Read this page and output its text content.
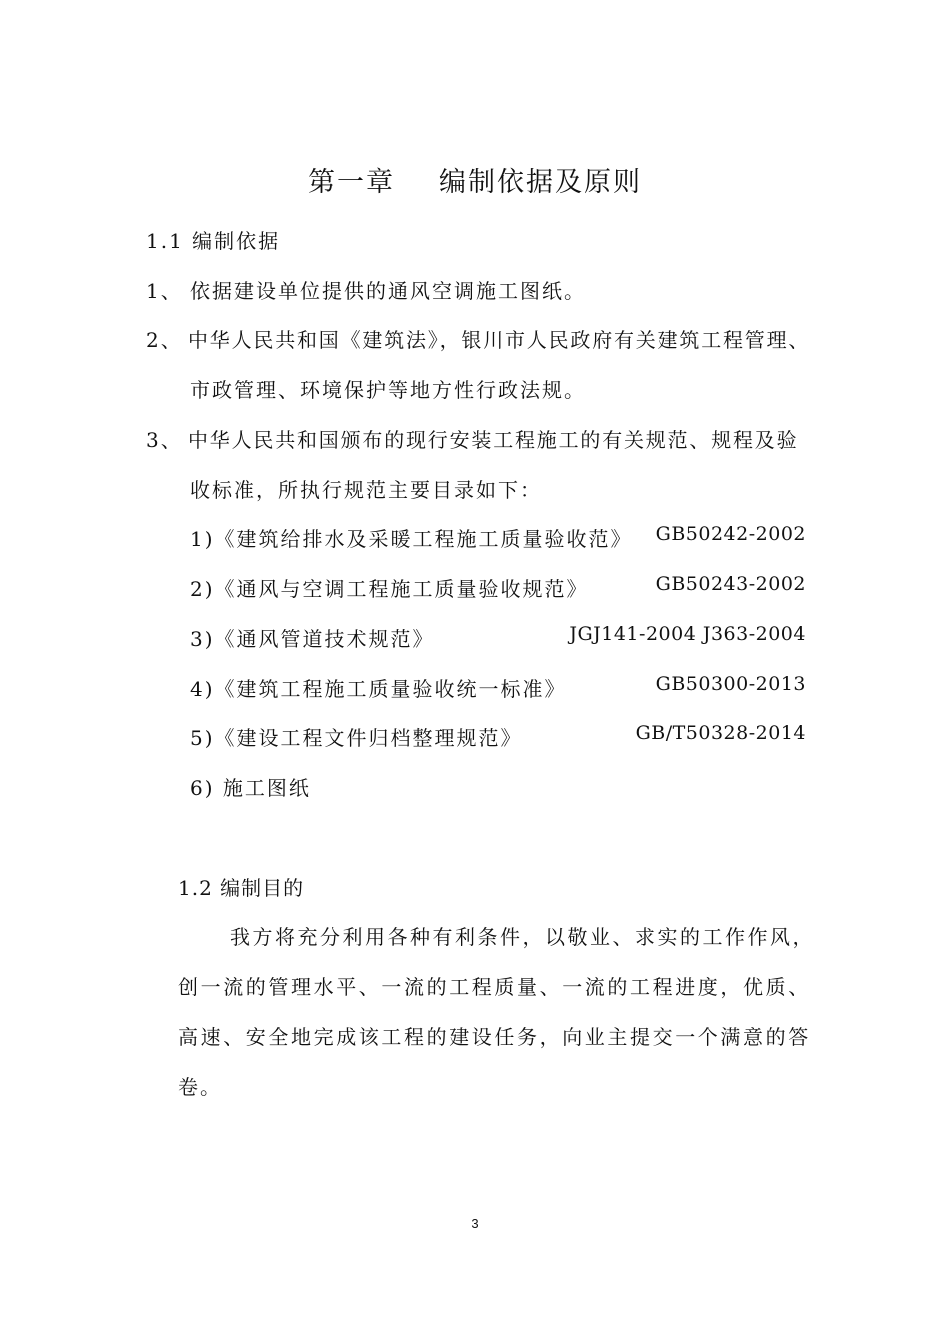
第一章 编制依据及原则
1.1 编制依据
1、 依据建设单位提供的通风空调施工图纸。
2、 中华人民共和国《建筑法》，银川市人民政府有关建筑工程管理、
市政管理、环境保护等地方性行政法规。
3、 中华人民共和国颁布的现行安装工程施工的有关规范、规程及验
收标准，所执行规范主要目录如下：
1)《建筑给排水及采暖工程施工质量验收范》 GB50242-2002
2)《通风与空调工程施工质量验收规范》	GB50243-2002
3)《通风管道技术规范》	JGJ141-2004 J363-2004
4)《建筑工程施工质量验收统一标准》	GB50300-2013
5)《建设工程文件归档整理规范》	GB/T50328-2014
6) 施工图纸
1.2 编制目的
我方将充分利用各种有利条件，以敬业、求实的工作作风，
创一流的管理水平、一流的工程质量、一流的工程进度，优质、
高速、安全地完成该工程的建设任务，向业主提交一个满意的答
卷。
3
